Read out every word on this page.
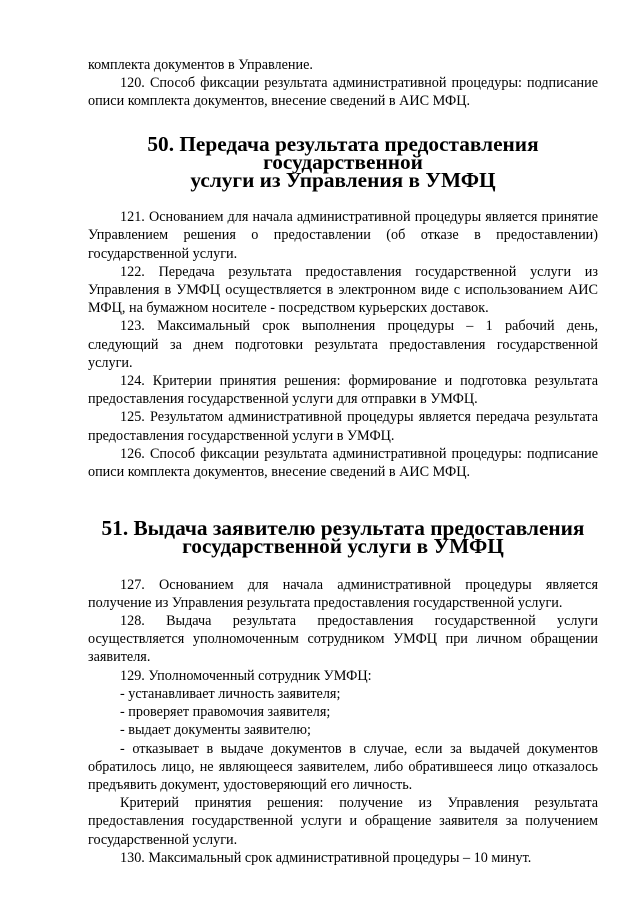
комплекта документов в Управление.

120. Способ фиксации результата административной процедуры: подписание описи комплекта документов, внесение сведений в АИС МФЦ.

50. Передача результата предоставления государственной
услуги из Управления в УМФЦ

121. Основанием для начала административной процедуры является принятие Управлением решения о предоставлении (об отказе в предоставлении) государственной услуги.

122. Передача результата предоставления государственной услуги из Управления в УМФЦ осуществляется в электронном виде с использованием АИС МФЦ, на бумажном носителе - посредством курьерских доставок.

123. Максимальный срок выполнения процедуры – 1 рабочий день, следующий за днем подготовки результата предоставления государственной услуги.

124. Критерии принятия решения: формирование и подготовка результата предоставления государственной услуги для отправки в УМФЦ.

125. Результатом административной процедуры является передача результата предоставления государственной услуги в УМФЦ.

126. Способ фиксации результата административной процедуры: подписание описи комплекта документов, внесение сведений в АИС МФЦ.

51. Выдача заявителю результата предоставления
государственной услуги в УМФЦ

127. Основанием для начала административной процедуры является получение из Управления результата предоставления государственной услуги.

128. Выдача результата предоставления государственной услуги осуществляется уполномоченным сотрудником УМФЦ при личном обращении заявителя.

129. Уполномоченный сотрудник УМФЦ:

- устанавливает личность заявителя;

- проверяет правомочия заявителя;

- выдает документы заявителю;

- отказывает в выдаче документов в случае, если за выдачей документов обратилось лицо, не являющееся заявителем, либо обратившееся лицо отказалось предъявить документ, удостоверяющий его личность.

Критерий принятия решения: получение из Управления результата предоставления государственной услуги и обращение заявителя за получением государственной услуги.

130. Максимальный срок административной процедуры – 10 минут.
